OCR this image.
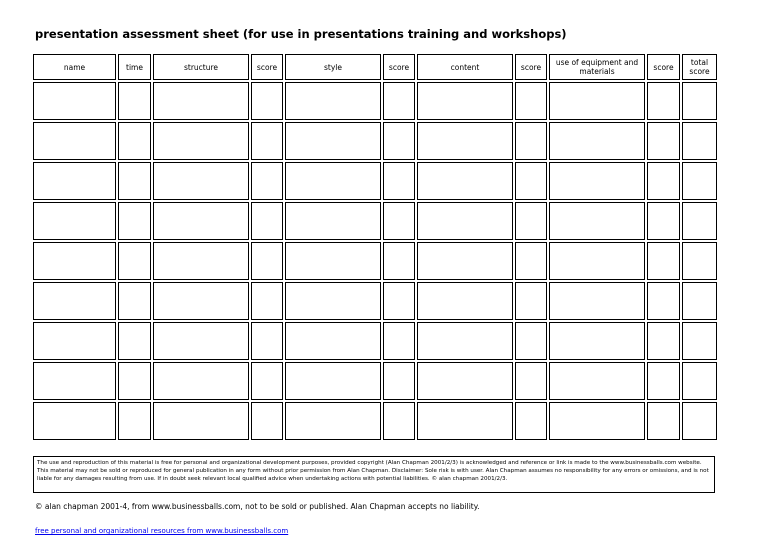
presentation assessment sheet (for use in presentations training and workshops)
name	time	structure	score	style	score	content	score	use of equipment and materials	score	total score
The use and reproduction of this material is free for personal and organizational development purposes, provided copyright (Alan Chapman 2001/2/3) is acknowledged and reference or link is made to the www.businessballs.com website. This material may not be sold or reproduced for general publication in any form without prior permission from Alan Chapman. Disclaimer: Sole risk is with user. Alan Chapman assumes no responsibility for any errors or omissions, and is not liable for any damages resulting from use. If in doubt seek relevant local qualified advice when undertaking actions with potential liabilities. © alan chapman 2001/2/3.
© alan chapman 2001-4, from www.businessballs.com, not to be sold or published. Alan Chapman accepts no liability.
free personal and organizational resources from www.businessballs.com
